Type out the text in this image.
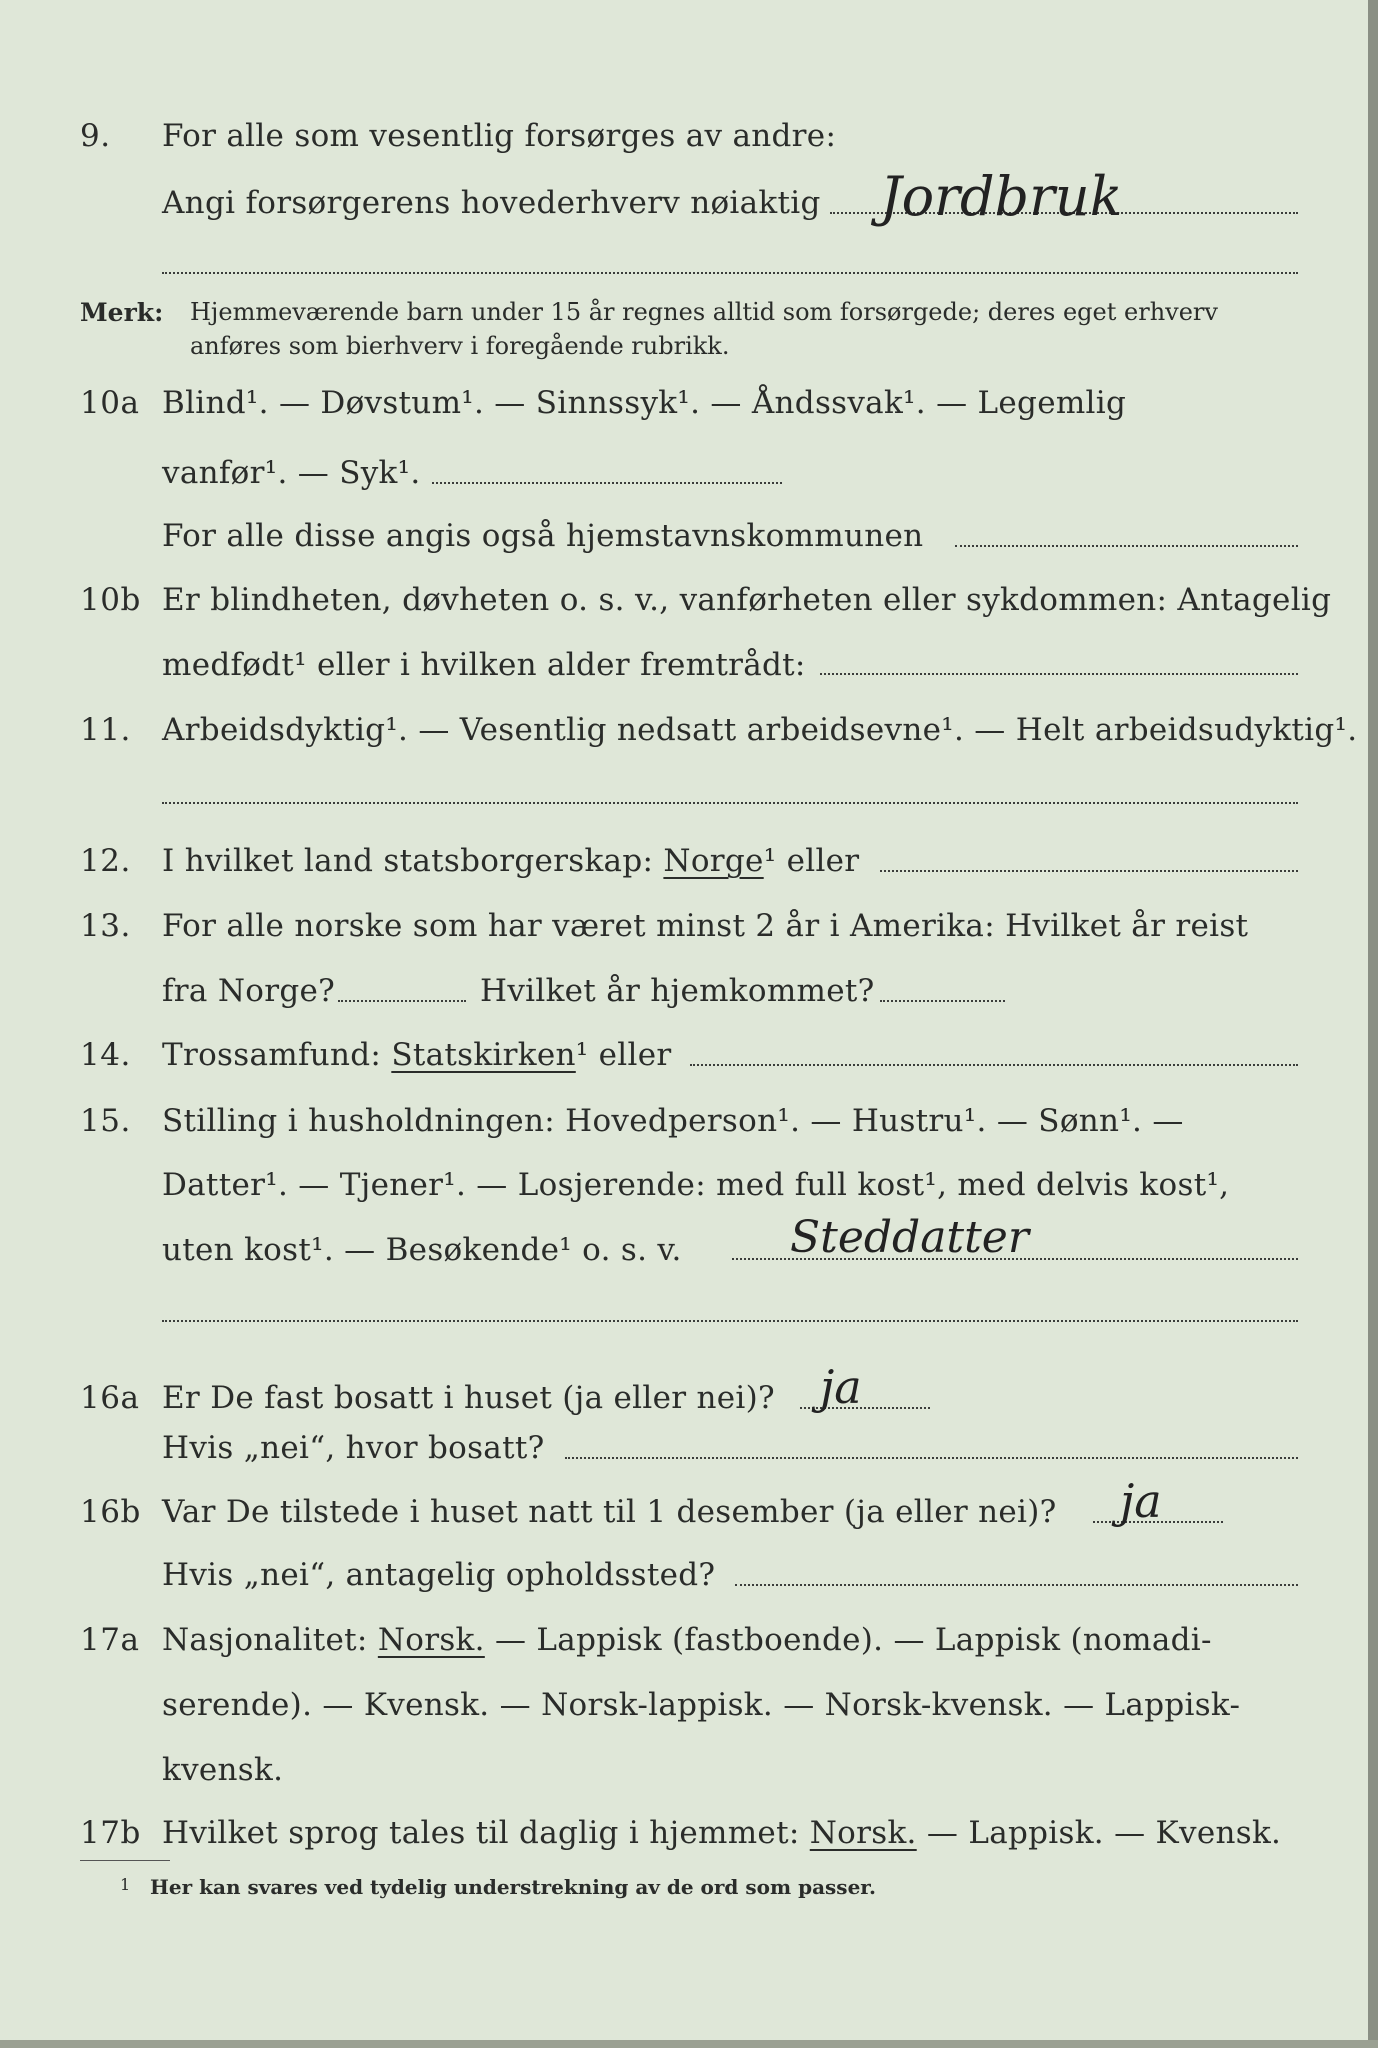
9. For alle som vesentlig forsørges av andre:
Angi forsørgerens hovederhverv nøiaktig Jordbruk
Merk: Hjemmeværende barn under 15 år regnes alltid som forsørgede; deres eget erhverv
anføres som bierhverv i foregående rubrikk.
10a Blind¹. — Døvstum¹. — Sinnssyk¹. — Åndssvak¹. — Legemlig
vanfør¹. — Syk¹.
For alle disse angis også hjemstavnskommunen
10b Er blindheten, døvheten o. s. v., vanførheten eller sykdommen: Antagelig
medfødt¹ eller i hvilken alder fremtrådt:
11. Arbeidsdyktig¹. — Vesentlig nedsatt arbeidsevne¹. — Helt arbeidsudyktig¹.
12. I hvilket land statsborgerskap: Norge¹ eller
13. For alle norske som har været minst 2 år i Amerika: Hvilket år reist
fra Norge?	Hvilket år hjemkommet?
14. Trossamfund: Statskirken¹ eller
15. Stilling i husholdningen: Hovedperson¹. — Hustru¹. — Sønn¹. —
Datter¹. — Tjener¹. — Losjerende: med full kost¹, med delvis kost¹,
uten kost¹. — Besøkende¹ o. s. v. Steddatter
16a Er De fast bosatt i huset (ja eller nei)? ja
Hvis „nei“, hvor bosatt?
16b Var De tilstede i huset natt til 1 desember (ja eller nei)? ja
Hvis „nei“, antagelig opholdssted?
17a Nasjonalitet: Norsk. — Lappisk (fastboende). — Lappisk (nomadi-
serende). — Kvensk. — Norsk-lappisk. — Norsk-kvensk. — Lappisk-
kvensk.
17b Hvilket sprog tales til daglig i hjemmet: Norsk. — Lappisk. — Kvensk.
1 Her kan svares ved tydelig understrekning av de ord som passer.
